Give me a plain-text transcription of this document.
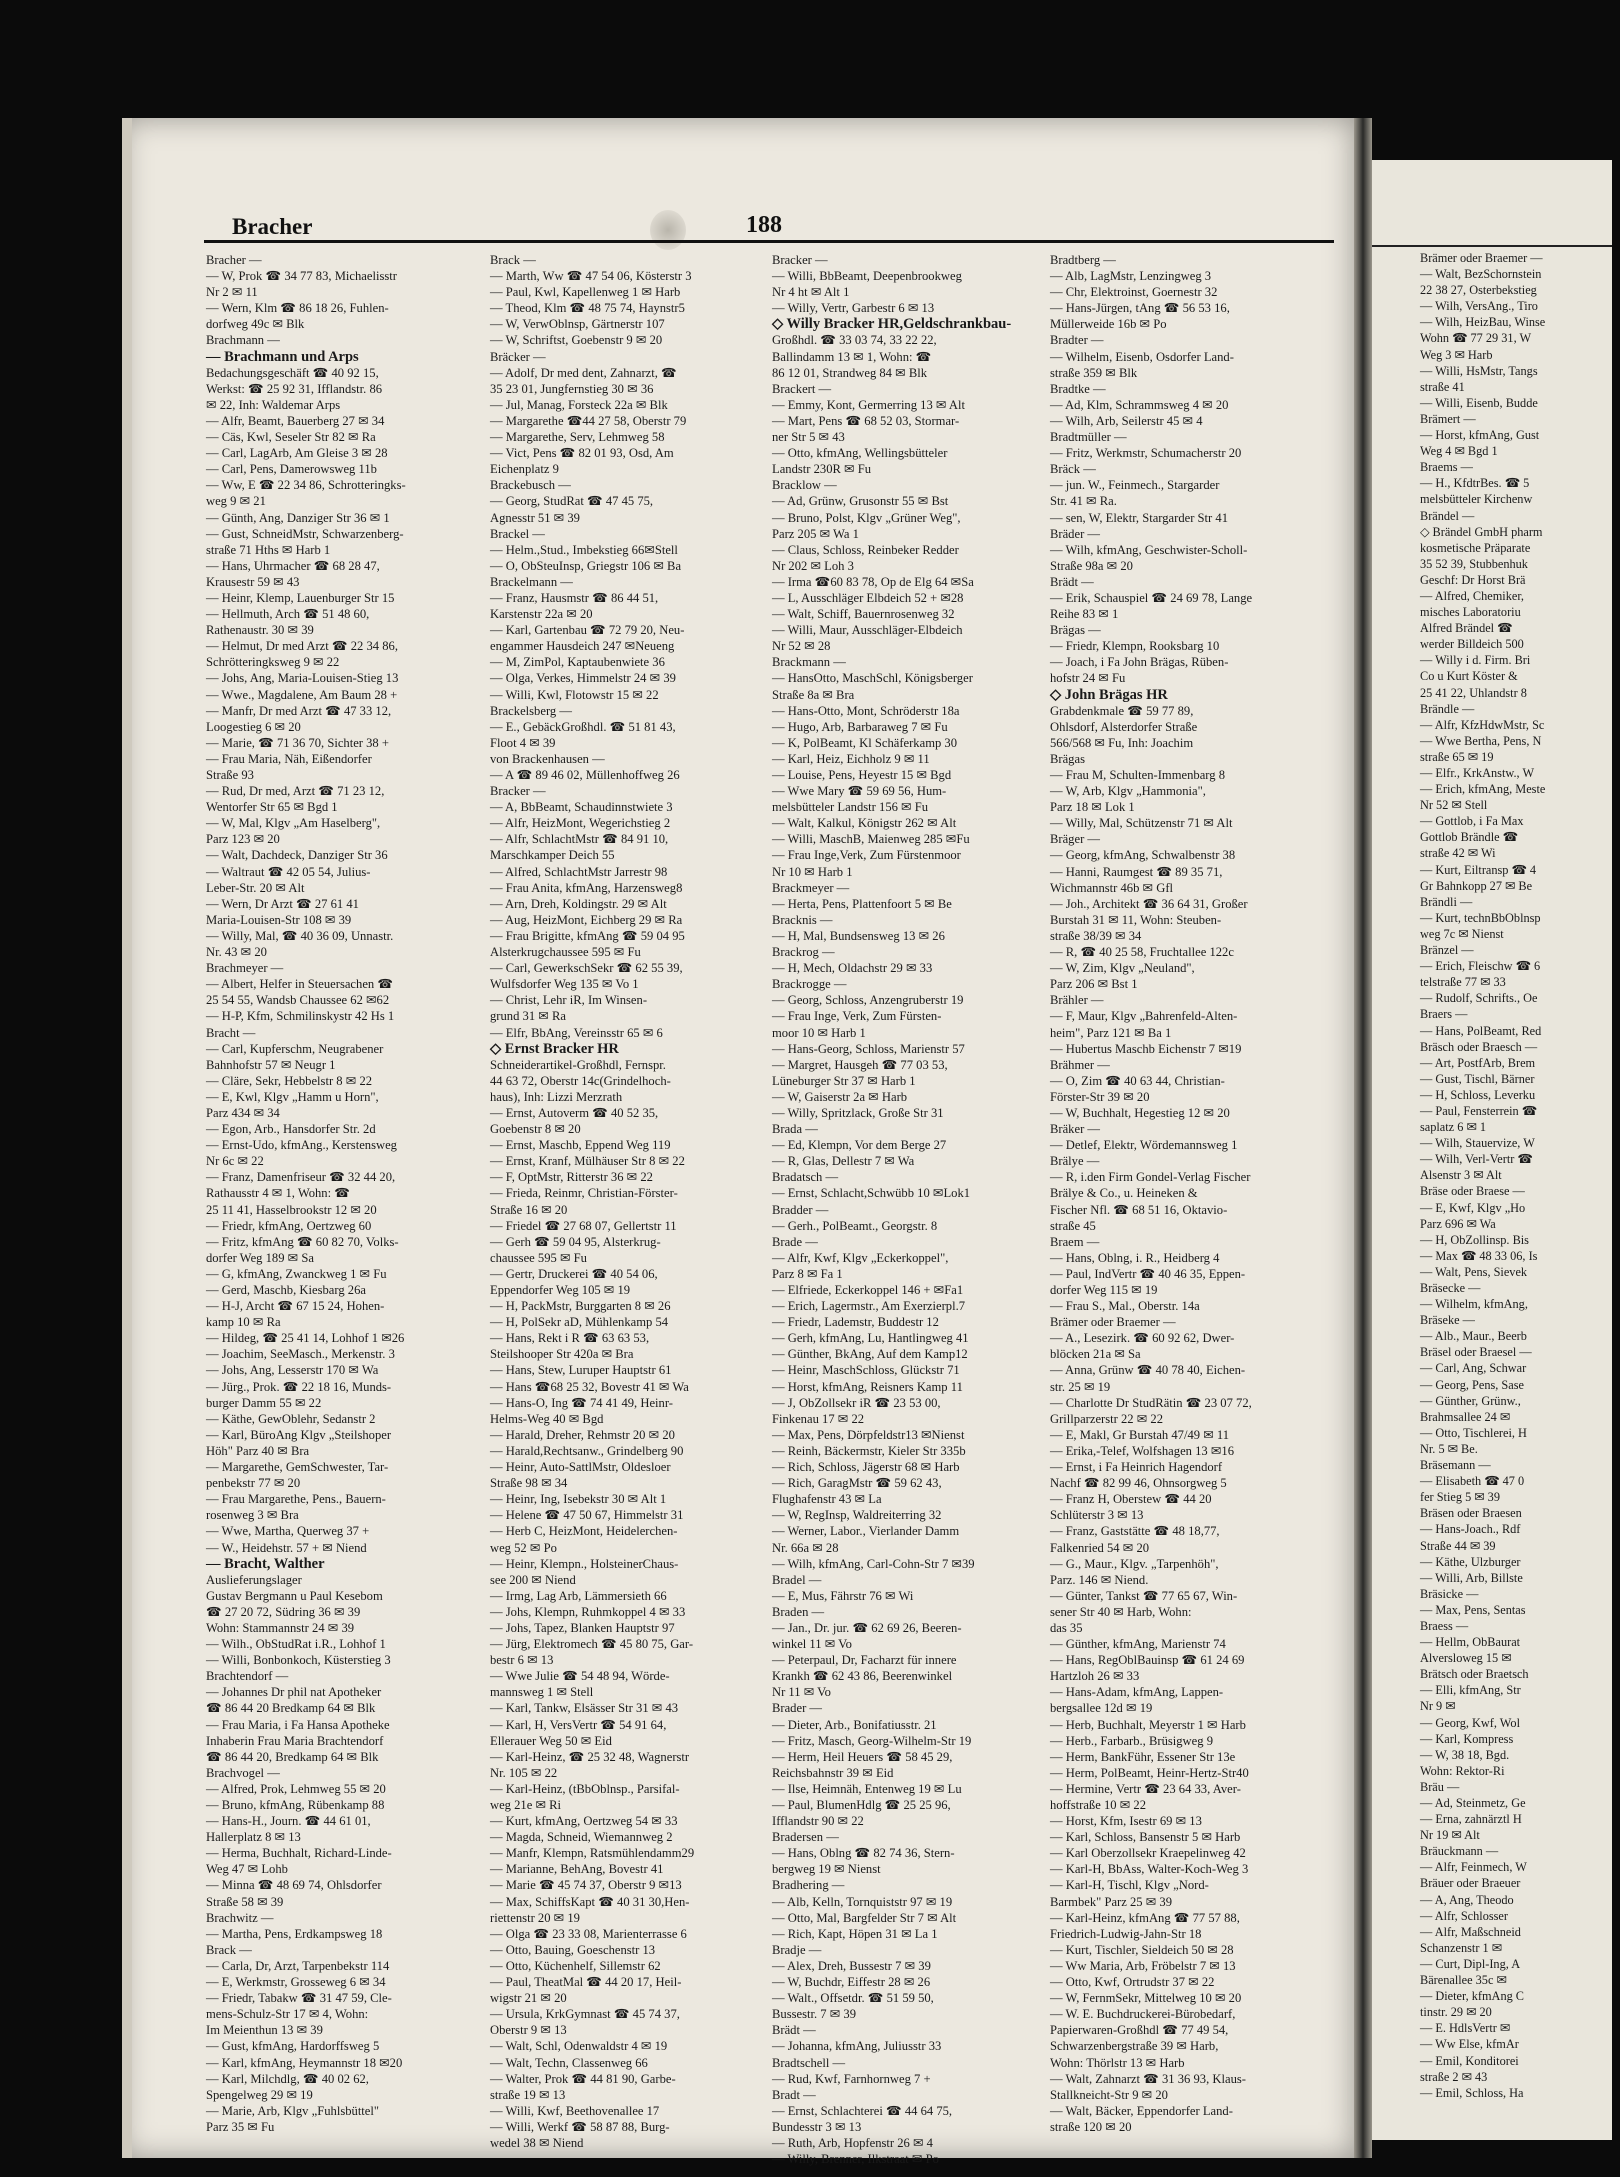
Bracher	188
Bracher —
— W, Prok ☎ 34 77 83, Michaelisstr
Nr 2 ✉ 11
— Wern, Klm ☎ 86 18 26, Fuhlen-
dorfweg 49c ✉ Blk
Brachmann —
— Brachmann und Arps
Bedachungsgeschäft ☎ 40 92 15,
Werkst: ☎ 25 92 31, Ifflandstr. 86
✉ 22, Inh: Waldemar Arps
— Alfr, Beamt, Bauerberg 27 ✉ 34
— Cäs, Kwl, Seseler Str 82 ✉ Ra
— Carl, LagArb, Am Gleise 3 ✉ 28
— Carl, Pens, Damerowsweg 11b
— Ww, E ☎ 22 34 86, Schrotteringks-
weg 9 ✉ 21
— Günth, Ang, Danziger Str 36 ✉ 1
— Gust, SchneidMstr, Schwarzenberg-
straße 71 Hths ✉ Harb 1
— Hans, Uhrmacher ☎ 68 28 47,
Krausestr 59 ✉ 43
— Heinr, Klemp, Lauenburger Str 15
— Hellmuth, Arch ☎ 51 48 60,
Rathenaustr. 30 ✉ 39
— Helmut, Dr med Arzt ☎ 22 34 86,
Schrötteringksweg 9 ✉ 22
— Johs, Ang, Maria-Louisen-Stieg 13
— Wwe., Magdalene, Am Baum 28 +
— Manfr, Dr med Arzt ☎ 47 33 12,
Loogestieg 6 ✉ 20
— Marie, ☎ 71 36 70, Sichter 38 +
— Frau Maria, Näh, Eißendorfer
Straße 93
— Rud, Dr med, Arzt ☎ 71 23 12,
Wentorfer Str 65 ✉ Bgd 1
— W, Mal, Klgv „Am Haselberg",
Parz 123 ✉ 20
— Walt, Dachdeck, Danziger Str 36
— Waltraut ☎ 42 05 54, Julius-
Leber-Str. 20 ✉ Alt
— Wern, Dr Arzt ☎ 27 61 41
Maria-Louisen-Str 108 ✉ 39
— Willy, Mal, ☎ 40 36 09, Unnastr.
Nr. 43 ✉ 20
Brachmeyer —
— Albert, Helfer in Steuersachen ☎
25 54 55, Wandsb Chaussee 62 ✉62
— H-P, Kfm, Schmilinskystr 42 Hs 1
Bracht —
— Carl, Kupferschm, Neugrabener
Bahnhofstr 57 ✉ Neugr 1
— Cläre, Sekr, Hebbelstr 8 ✉ 22
— E, Kwl, Klgv „Hamm u Horn",
Parz 434 ✉ 34
— Egon, Arb., Hansdorfer Str. 2d
— Ernst-Udo, kfmAng., Kerstensweg
Nr 6c ✉ 22
— Franz, Damenfriseur ☎ 32 44 20,
Rathausstr 4 ✉ 1, Wohn: ☎
25 11 41, Hasselbrookstr 12 ✉ 20
— Friedr, kfmAng, Oertzweg 60
— Fritz, kfmAng ☎ 60 82 70, Volks-
dorfer Weg 189 ✉ Sa
— G, kfmAng, Zwanckweg 1 ✉ Fu
— Gerd, Maschb, Kiesbarg 26a
— H-J, Archt ☎ 67 15 24, Hohen-
kamp 10 ✉ Ra
— Hildeg, ☎ 25 41 14, Lohhof 1 ✉26
— Joachim, SeeMasch., Merkenstr. 3
— Johs, Ang, Lesserstr 170 ✉ Wa
— Jürg., Prok. ☎ 22 18 16, Munds-
burger Damm 55 ✉ 22
— Käthe, GewOblehr, Sedanstr 2
— Karl, BüroAng Klgv „Steilshoper
Höh" Parz 40 ✉ Bra
— Margarethe, GemSchwester, Tar-
penbekstr 77 ✉ 20
— Frau Margarethe, Pens., Bauern-
rosenweg 3 ✉ Bra
— Wwe, Martha, Querweg 37 +
— W., Heidehstr. 57 + ✉ Niend
— Bracht, Walther
Auslieferungslager
Gustav Bergmann u Paul Kesebom
☎ 27 20 72, Südring 36 ✉ 39
Wohn: Stammannstr 24 ✉ 39
— Wilh., ObStudRat i.R., Lohhof 1
— Willi, Bonbonkoch, Küsterstieg 3
Brachtendorf —
— Johannes Dr phil nat Apotheker
☎ 86 44 20 Bredkamp 64 ✉ Blk
— Frau Maria, i Fa Hansa Apotheke
Inhaberin Frau Maria Brachtendorf
☎ 86 44 20, Bredkamp 64 ✉ Blk
Brachvogel —
— Alfred, Prok, Lehmweg 55 ✉ 20
— Bruno, kfmAng, Rübenkamp 88
— Hans-H., Journ. ☎ 44 61 01,
Hallerplatz 8 ✉ 13
— Herma, Buchhalt, Richard-Linde-
Weg 47 ✉ Lohb
— Minna ☎ 48 69 74, Ohlsdorfer
Straße 58 ✉ 39
Brachwitz —
— Martha, Pens, Erdkampsweg 18
Brack —
— Carla, Dr, Arzt, Tarpenbekstr 114
— E, Werkmstr, Grosseweg 6 ✉ 34
— Friedr, Tabakw ☎ 31 47 59, Cle-
mens-Schulz-Str 17 ✉ 4, Wohn:
Im Meienthun 13 ✉ 39
— Gust, kfmAng, Hardorffsweg 5
— Karl, kfmAng, Heymannstr 18 ✉20
— Karl, Milchdlg, ☎ 40 02 62,
Spengelweg 29 ✉ 19
— Marie, Arb, Klgv „Fuhlsbüttel"
Parz 35 ✉ Fu
Brack —
— Marth, Ww ☎ 47 54 06, Kösterstr 3
— Paul, Kwl, Kapellenweg 1 ✉ Harb
— Theod, Klm ☎ 48 75 74, Haynstr5
— W, VerwOblnsp, Gärtnerstr 107
— W, Schriftst, Goebenstr 9 ✉ 20
Bräcker —
— Adolf, Dr med dent, Zahnarzt, ☎
35 23 01, Jungfernstieg 30 ✉ 36
— Jul, Manag, Forsteck 22a ✉ Blk
— Margarethe ☎44 27 58, Oberstr 79
— Margarethe, Serv, Lehmweg 58
— Vict, Pens ☎ 82 01 93, Osd, Am
Eichenplatz 9
Brackebusch —
— Georg, StudRat ☎ 47 45 75,
Agnesstr 51 ✉ 39
Brackel —
— Helm.,Stud., Imbekstieg 66✉Stell
— O, ObSteuInsp, Griegstr 106 ✉ Ba
Brackelmann —
— Franz, Hausmstr ☎ 86 44 51,
Karstenstr 22a ✉ 20
— Karl, Gartenbau ☎ 72 79 20, Neu-
engammer Hausdeich 247 ✉Neueng
— M, ZimPol, Kaptaubenwiete 36
— Olga, Verkes, Himmelstr 24 ✉ 39
— Willi, Kwl, Flotowstr 15 ✉ 22
Brackelsberg —
— E., GebäckGroßhdl. ☎ 51 81 43,
Floot 4 ✉ 39
von Brackenhausen —
— A ☎ 89 46 02, Müllenhoffweg 26
Bracker —
— A, BbBeamt, Schaudinnstwiete 3
— Alfr, HeizMont, Wegerichstieg 2
— Alfr, SchlachtMstr ☎ 84 91 10,
Marschkamper Deich 55
— Alfred, SchlachtMstr Jarrestr 98
— Frau Anita, kfmAng, Harzensweg8
— Arn, Dreh, Koldingstr. 29 ✉ Alt
— Aug, HeizMont, Eichberg 29 ✉ Ra
— Frau Brigitte, kfmAng ☎ 59 04 95
Alsterkrugchaussee 595 ✉ Fu
— Carl, GewerkschSekr ☎ 62 55 39,
Wulfsdorfer Weg 135 ✉ Vo 1
— Christ, Lehr iR, Im Winsen-
grund 31 ✉ Ra
— Elfr, BbAng, Vereinsstr 65 ✉ 6
◇ Ernst Bracker HR
Schneiderartikel-Großhdl, Fernspr.
44 63 72, Oberstr 14c(Grindelhoch-
haus), Inh: Lizzi Merzrath
— Ernst, Autoverm ☎ 40 52 35,
Goebenstr 8 ✉ 20
— Ernst, Maschb, Eppend Weg 119
— Ernst, Kranf, Mülhäuser Str 8 ✉ 22
— F, OptMstr, Ritterstr 36 ✉ 22
— Frieda, Reinmr, Christian-Förster-
Straße 16 ✉ 20
— Friedel ☎ 27 68 07, Gellertstr 11
— Gerh ☎ 59 04 95, Alsterkrug-
chaussee 595 ✉ Fu
— Gertr, Druckerei ☎ 40 54 06,
Eppendorfer Weg 105 ✉ 19
— H, PackMstr, Burggarten 8 ✉ 26
— H, PolSekr aD, Mühlenkamp 54
— Hans, Rekt i R ☎ 63 63 53,
Steilshooper Str 420a ✉ Bra
— Hans, Stew, Luruper Hauptstr 61
— Hans ☎68 25 32, Bovestr 41 ✉ Wa
— Hans-O, Ing ☎ 74 41 49, Heinr-
Helms-Weg 40 ✉ Bgd
— Harald, Dreher, Rehmstr 20 ✉ 20
— Harald,Rechtsanw., Grindelberg 90
— Heinr, Auto-SattlMstr, Oldesloer
Straße 98 ✉ 34
— Heinr, Ing, Isebekstr 30 ✉ Alt 1
— Helene ☎ 47 50 67, Himmelstr 31
— Herb C, HeizMont, Heidelerchen-
weg 52 ✉ Po
— Heinr, Klempn., HolsteinerChaus-
see 200 ✉ Niend
— Irmg, Lag Arb, Lämmersieth 66
— Johs, Klempn, Ruhmkoppel 4 ✉ 33
— Johs, Tapez, Blanken Hauptstr 97
— Jürg, Elektromech ☎ 45 80 75, Gar-
bestr 6 ✉ 13
— Wwe Julie ☎ 54 48 94, Wörde-
mannsweg 1 ✉ Stell
— Karl, Tankw, Elsässer Str 31 ✉ 43
— Karl, H, VersVertr ☎ 54 91 64,
Ellerauer Weg 50 ✉ Eid
— Karl-Heinz, ☎ 25 32 48, Wagnerstr
Nr. 105 ✉ 22
— Karl-Heinz, (tBbOblnsp., Parsifal-
weg 21e ✉ Ri
— Kurt, kfmAng, Oertzweg 54 ✉ 33
— Magda, Schneid, Wiemannweg 2
— Manfr, Klempn, Ratsmühlendamm29
— Marianne, BehAng, Bovestr 41
— Marie ☎ 45 74 37, Oberstr 9 ✉13
— Max, SchiffsKapt ☎ 40 31 30,Hen-
riettenstr 20 ✉ 19
— Olga ☎ 23 33 08, Marienterrasse 6
— Otto, Bauing, Goeschenstr 13
— Otto, Küchenhelf, Sillemstr 62
— Paul, TheatMal ☎ 44 20 17, Heil-
wigstr 21 ✉ 20
— Ursula, KrkGymnast ☎ 45 74 37,
Oberstr 9 ✉ 13
— Walt, Schl, Odenwaldstr 4 ✉ 19
— Walt, Techn, Classenweg 66
— Walter, Prok ☎ 44 81 90, Garbe-
straße 19 ✉ 13
— Willi, Kwf, Beethovenallee 17
— Willi, Werkf ☎ 58 87 88, Burg-
wedel 38 ✉ Niend
Bracker —
— Willi, BbBeamt, Deepenbrookweg
Nr 4 ht ✉ Alt 1
— Willy, Vertr, Garbestr 6 ✉ 13
◇ Willy Bracker HR,Geldschrankbau-
Großhdl. ☎ 33 03 74, 33 22 22,
Ballindamm 13 ✉ 1, Wohn: ☎
86 12 01, Strandweg 84 ✉ Blk
Brackert —
— Emmy, Kont, Germerring 13 ✉ Alt
— Mart, Pens ☎ 68 52 03, Stormar-
ner Str 5 ✉ 43
— Otto, kfmAng, Wellingsbütteler
Landstr 230R ✉ Fu
Bracklow —
— Ad, Grünw, Grusonstr 55 ✉ Bst
— Bruno, Polst, Klgv „Grüner Weg",
Parz 205 ✉ Wa 1
— Claus, Schloss, Reinbeker Redder
Nr 202 ✉ Loh 3
— Irma ☎60 83 78, Op de Elg 64 ✉Sa
— L, Ausschläger Elbdeich 52 + ✉28
— Walt, Schiff, Bauernrosenweg 32
— Willi, Maur, Ausschläger-Elbdeich
Nr 52 ✉ 28
Brackmann —
— HansOtto, MaschSchl, Königsberger
Straße 8a ✉ Bra
— Hans-Otto, Mont, Schröderstr 18a
— Hugo, Arb, Barbaraweg 7 ✉ Fu
— K, PolBeamt, Kl Schäferkamp 30
— Karl, Heiz, Eichholz 9 ✉ 11
— Louise, Pens, Heyestr 15 ✉ Bgd
— Wwe Mary ☎ 59 69 56, Hum-
melsbütteler Landstr 156 ✉ Fu
— Walt, Kalkul, Königstr 262 ✉ Alt
— Willi, MaschB, Maienweg 285 ✉Fu
— Frau Inge,Verk, Zum Fürstenmoor
Nr 10 ✉ Harb 1
Brackmeyer —
— Herta, Pens, Plattenfoort 5 ✉ Be
Bracknis —
— H, Mal, Bundsensweg 13 ✉ 26
Brackrog —
— H, Mech, Oldachstr 29 ✉ 33
Brackrogge —
— Georg, Schloss, Anzengruberstr 19
— Frau Inge, Verk, Zum Fürsten-
moor 10 ✉ Harb 1
— Hans-Georg, Schloss, Marienstr 57
— Margret, Hausgeh ☎ 77 03 53,
Lüneburger Str 37 ✉ Harb 1
— W, Gaiserstr 2a ✉ Harb
— Willy, Spritzlack, Große Str 31
Brada —
— Ed, Klempn, Vor dem Berge 27
— R, Glas, Dellestr 7 ✉ Wa
Bradatsch —
— Ernst, Schlacht,Schwübb 10 ✉Lok1
Bradder —
— Gerh., PolBeamt., Georgstr. 8
Brade —
— Alfr, Kwf, Klgv „Eckerkoppel",
Parz 8 ✉ Fa 1
— Elfriede, Eckerkoppel 146 + ✉Fa1
— Erich, Lagermstr., Am Exerzierpl.7
— Friedr, Lademstr, Buddestr 12
— Gerh, kfmAng, Lu, Hantlingweg 41
— Günther, BkAng, Auf dem Kamp12
— Heinr, MaschSchloss, Glückstr 71
— Horst, kfmAng, Reisners Kamp 11
— J, ObZollsekr iR ☎ 23 53 00,
Finkenau 17 ✉ 22
— Max, Pens, Dörpfeldstr13 ✉Nienst
— Reinh, Bäckermstr, Kieler Str 335b
— Rich, Schloss, Jägerstr 68 ✉ Harb
— Rich, GaragMstr ☎ 59 62 43,
Flughafenstr 43 ✉ La
— W, RegInsp, Waldreiterring 32
— Werner, Labor., Vierlander Damm
Nr. 66a ✉ 28
— Wilh, kfmAng, Carl-Cohn-Str 7 ✉39
Bradel —
— E, Mus, Fährstr 76 ✉ Wi
Braden —
— Jan., Dr. jur. ☎ 62 69 26, Beeren-
winkel 11 ✉ Vo
— Peterpaul, Dr, Facharzt für innere
Krankh ☎ 62 43 86, Beerenwinkel
Nr 11 ✉ Vo
Brader —
— Dieter, Arb., Bonifatiusstr. 21
— Fritz, Masch, Georg-Wilhelm-Str 19
— Herm, Heil Heuers ☎ 58 45 29,
Reichsbahnstr 39 ✉ Eid
— Ilse, Heimnäh, Entenweg 19 ✉ Lu
— Paul, BlumenHdlg ☎ 25 25 96,
Ifflandstr 90 ✉ 22
Bradersen —
— Hans, Oblng ☎ 82 74 36, Stern-
bergweg 19 ✉ Nienst
Bradhering —
— Alb, Kelln, Tornquiststr 97 ✉ 19
— Otto, Mal, Bargfelder Str 7 ✉ Alt
— Rich, Kapt, Höpen 31 ✉ La 1
Bradje —
— Alex, Dreh, Bussestr 7 ✉ 39
— W, Buchdr, Eiffestr 28 ✉ 26
— Walt., Offsetdr. ☎ 51 59 50,
Bussestr. 7 ✉ 39
Brädt —
— Johanna, kfmAng, Juliusstr 33
Bradtschell —
— Rud, Kwf, Farnhornweg 7 +
Bradt —
— Ernst, Schlachterei ☎ 44 64 75,
Bundesstr 3 ✉ 13
— Ruth, Arb, Hopfenstr 26 ✉ 4
— Willy, Brenner, Ilkstraat ✉ Po
Bradtberg —
— Alb, LagMstr, Lenzingweg 3
— Chr, Elektroinst, Goernestr 32
— Hans-Jürgen, tAng ☎ 56 53 16,
Müllerweide 16b ✉ Po
Bradter —
— Wilhelm, Eisenb, Osdorfer Land-
straße 359 ✉ Blk
Bradtke —
— Ad, Klm, Schrammsweg 4 ✉ 20
— Wilh, Arb, Seilerstr 45 ✉ 4
Bradtmüller —
— Fritz, Werkmstr, Schumacherstr 20
Bräck —
— jun. W., Feinmech., Stargarder
Str. 41 ✉ Ra.
— sen, W, Elektr, Stargarder Str 41
Bräder —
— Wilh, kfmAng, Geschwister-Scholl-
Straße 98a ✉ 20
Brädt —
— Erik, Schauspiel ☎ 24 69 78, Lange
Reihe 83 ✉ 1
Brägas —
— Friedr, Klempn, Rooksbarg 10
— Joach, i Fa John Brägas, Rüben-
hofstr 24 ✉ Fu
◇ John Brägas HR
Grabdenkmale ☎ 59 77 89,
Ohlsdorf, Alsterdorfer Straße
566/568 ✉ Fu, Inh: Joachim
Brägas
— Frau M, Schulten-Immenbarg 8
— W, Arb, Klgv „Hammonia",
Parz 18 ✉ Lok 1
— Willy, Mal, Schützenstr 71 ✉ Alt
Bräger —
— Georg, kfmAng, Schwalbenstr 38
— Hanni, Raumgest ☎ 89 35 71,
Wichmannstr 46b ✉ Gfl
— Joh., Architekt ☎ 36 64 31, Großer
Burstah 31 ✉ 11, Wohn: Steuben-
straße 38/39 ✉ 34
— R, ☎ 40 25 58, Fruchtallee 122c
— W, Zim, Klgv „Neuland",
Parz 206 ✉ Bst 1
Brähler —
— F, Maur, Klgv „Bahrenfeld-Alten-
heim", Parz 121 ✉ Ba 1
— Hubertus Maschb Eichenstr 7 ✉19
Brähmer —
— O, Zim ☎ 40 63 44, Christian-
Förster-Str 39 ✉ 20
— W, Buchhalt, Hegestieg 12 ✉ 20
Bräker —
— Detlef, Elektr, Wördemannsweg 1
Brälye —
— R, i.den Firm Gondel-Verlag Fischer
Brälye & Co., u. Heineken &
Fischer Nfl. ☎ 68 51 16, Oktavio-
straße 45
Braem —
— Hans, Oblng, i. R., Heidberg 4
— Paul, IndVertr ☎ 40 46 35, Eppen-
dorfer Weg 115 ✉ 19
— Frau S., Mal., Oberstr. 14a
Brämer oder Braemer —
— A., Lesezirk. ☎ 60 92 62, Dwer-
blöcken 21a ✉ Sa
— Anna, Grünw ☎ 40 78 40, Eichen-
str. 25 ✉ 19
— Charlotte Dr StudRätin ☎ 23 07 72,
Grillparzerstr 22 ✉ 22
— E, Makl, Gr Burstah 47/49 ✉ 11
— Erika,-Telef, Wolfshagen 13 ✉16
— Ernst, i Fa Heinrich Hagendorf
Nachf ☎ 82 99 46, Ohnsorgweg 5
— Franz H, Oberstew ☎ 44 20
Schlüterstr 3 ✉ 13
— Franz, Gaststätte ☎ 48 18,77,
Falkenried 54 ✉ 20
— G., Maur., Klgv. „Tarpenhöh",
Parz. 146 ✉ Niend.
— Günter, Tankst ☎ 77 65 67, Win-
sener Str 40 ✉ Harb, Wohn:
das 35
— Günther, kfmAng, Marienstr 74
— Hans, RegOblBauinsp ☎ 61 24 69
Hartzloh 26 ✉ 33
— Hans-Adam, kfmAng, Lappen-
bergsallee 12d ✉ 19
— Herb, Buchhalt, Meyerstr 1 ✉ Harb
— Herb., Farbarb., Brüsigweg 9
— Herm, BankFühr, Essener Str 13e
— Herm, PolBeamt, Heinr-Hertz-Str40
— Hermine, Vertr ☎ 23 64 33, Aver-
hoffstraße 10 ✉ 22
— Horst, Kfm, Isestr 69 ✉ 13
— Karl, Schloss, Bansenstr 5 ✉ Harb
— Karl Oberzollsekr Kraepelinweg 42
— Karl-H, BbAss, Walter-Koch-Weg 3
— Karl-H, Tischl, Klgv „Nord-
Barmbek" Parz 25 ✉ 39
— Karl-Heinz, kfmAng ☎ 77 57 88,
Friedrich-Ludwig-Jahn-Str 18
— Kurt, Tischler, Sieldeich 50 ✉ 28
— Ww Maria, Arb, Fröbelstr 7 ✉ 13
— Otto, Kwf, Ortrudstr 37 ✉ 22
— W, FernmSekr, Mittelweg 10 ✉ 20
— W. E. Buchdruckerei-Bürobedarf,
Papierwaren-Großhdl ☎ 77 49 54,
Schwarzenbergstraße 39 ✉ Harb,
Wohn: Thörlstr 13 ✉ Harb
— Walt, Zahnarzt ☎ 31 36 93, Klaus-
Stallkneicht-Str 9 ✉ 20
— Walt, Bäcker, Eppendorfer Land-
straße 120 ✉ 20
Brämer oder Braemer —
— Walt, BezSchornstein
22 38 27, Osterbekstieg
— Wilh, VersAng., Tiro
— Wilh, HeizBau, Winse
Wohn ☎ 77 29 31, W
Weg 3 ✉ Harb
— Willi, HsMstr, Tangs
straße 41
— Willi, Eisenb, Budde
Brämert —
— Horst, kfmAng, Gust
Weg 4 ✉ Bgd 1
Braems —
— H., KfdtrBes. ☎ 5
melsbütteler Kirchenw
Brändel —
◇ Brändel GmbH pharm
kosmetische Präparate
35 52 39, Stubbenhuk
Geschf: Dr Horst Brä
— Alfred, Chemiker,
misches Laboratoriu
Alfred Brändel ☎
werder Billdeich 500
— Willy i d. Firm. Bri
Co u Kurt Köster &
25 41 22, Uhlandstr 8
Brändle —
— Alfr, KfzHdwMstr, Sc
— Wwe Bertha, Pens, N
straße 65 ✉ 19
— Elfr., KrkAnstw., W
— Erich, kfmAng, Meste
Nr 52 ✉ Stell
— Gottlob, i Fa Max
Gottlob Brändle ☎
straße 42 ✉ Wi
— Kurt, Eiltransp ☎ 4
Gr Bahnkopp 27 ✉ Be
Brändli —
— Kurt, technBbOblnsp
weg 7c ✉ Nienst
Bränzel —
— Erich, Fleischw ☎ 6
telstraße 77 ✉ 33
— Rudolf, Schrifts., Oe
Braers —
— Hans, PolBeamt, Red
Bräsch oder Braesch —
— Art, PostfArb, Brem
— Gust, Tischl, Bärner
— H, Schloss, Leverku
— Paul, Fensterrein ☎
saplatz 6 ✉ 1
— Wilh, Stauervize, W
— Wilh, Verl-Vertr ☎
Alsenstr 3 ✉ Alt
Bräse oder Braese —
— E, Kwf, Klgv „Ho
Parz 696 ✉ Wa
— H, ObZollinsp. Bis
— Max ☎ 48 33 06, Is
— Walt, Pens, Sievek
Bräsecke —
— Wilhelm, kfmAng,
Bräseke —
— Alb., Maur., Beerb
Bräsel oder Braesel —
— Carl, Ang, Schwar
— Georg, Pens, Sase
— Günther, Grünw.,
Brahmsallee 24 ✉
— Otto, Tischlerei, H
Nr. 5 ✉ Be.
Bräsemann —
— Elisabeth ☎ 47 0
fer Stieg 5 ✉ 39
Bräsen oder Braesen
— Hans-Joach., Rdf
Straße 44 ✉ 39
— Käthe, Ulzburger
— Willi, Arb, Billste
Bräsicke —
— Max, Pens, Sentas
Braess —
— Hellm, ObBaurat
Alversloweg 15 ✉
Brätsch oder Braetsch
— Elli, kfmAng, Str
Nr 9 ✉
— Georg, Kwf, Wol
— Karl, Kompress
— W, 38 18, Bgd.
Wohn: Rektor-Ri
Bräu —
— Ad, Steinmetz, Ge
— Erna, zahnärztl H
Nr 19 ✉ Alt
Bräuckmann —
— Alfr, Feinmech, W
Bräuer oder Braeuer
— A, Ang, Theodo
— Alfr, Schlosser
— Alfr, Maßschneid
Schanzenstr 1 ✉
— Curt, Dipl-Ing, A
Bärenallee 35c ✉
— Dieter, kfmAng C
tinstr. 29 ✉ 20
— E. HdlsVertr ✉
— Ww Else, kfmAr
— Emil, Konditorei
straße 2 ✉ 43
— Emil, Schloss, Ha
